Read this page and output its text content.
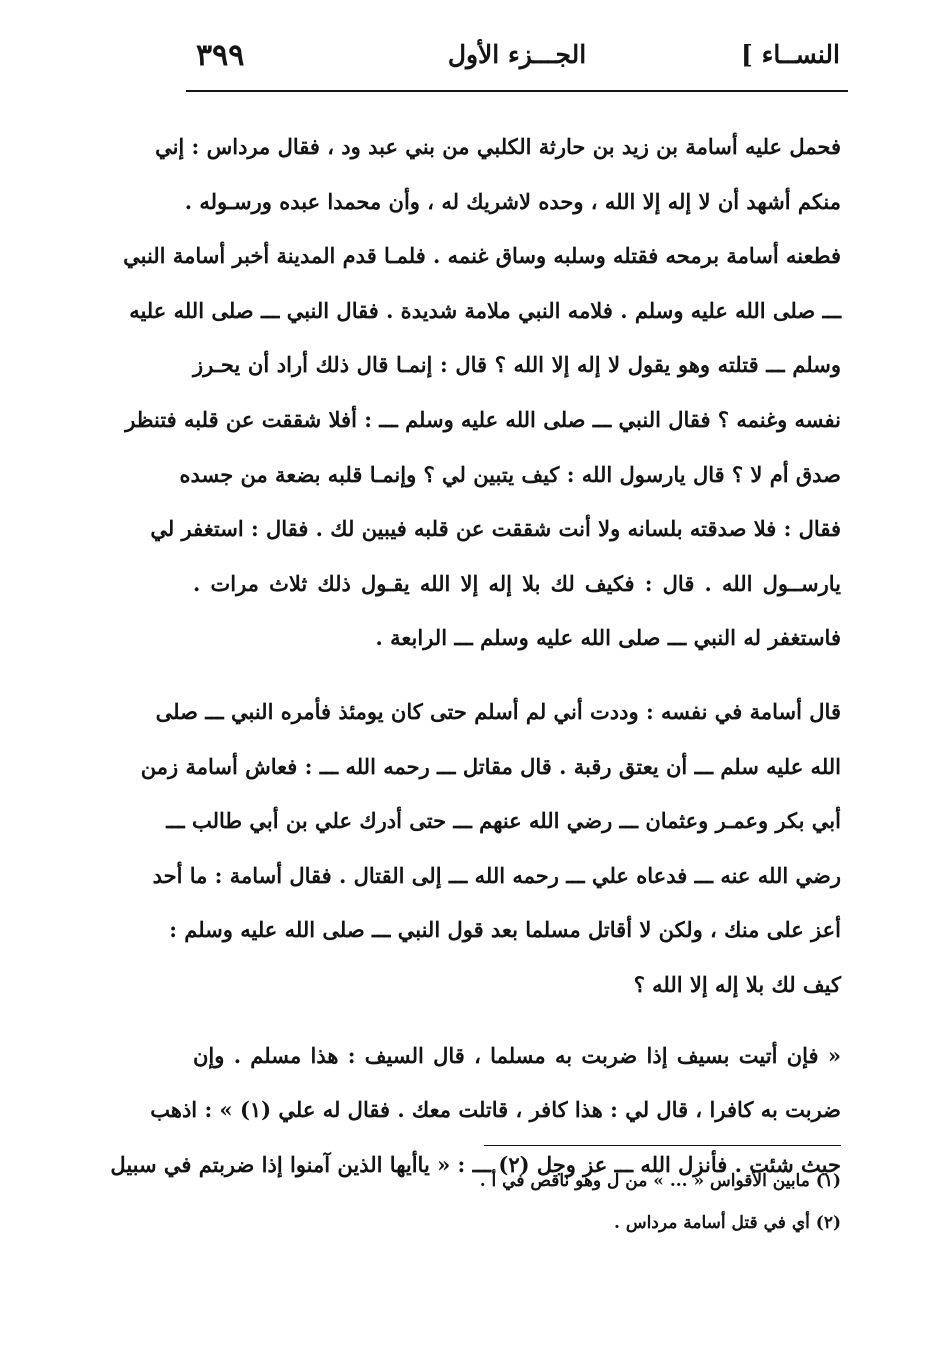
النســاء ]
الجـــزء الأول
٣٩٩
فحمل عليه أسامة بن زيد بن حارثة الكلبي من بني عبد ود ، فقال مرداس : إني
منكم أشهد أن لا إله إلا الله ، وحده لاشريك له ، وأن محمدا عبده ورسـوله .
فطعنه أسامة برمحه فقتله وسلبه وساق غنمه . فلمـا قدم المدينة أخبر أسامة النبي
ـــ صلى الله عليه وسلم . فلامه النبي ملامة شديدة . فقال النبي ـــ صلى الله عليه
وسلم ـــ قتلته وهو يقول لا إله إلا الله ؟ قال : إنمـا قال ذلك أراد أن يحـرز
نفسه وغنمه ؟ فقال النبي ـــ صلى الله عليه وسلم ـــ : أفلا شققت عن قلبه فتنظر
صدق أم لا ؟ قال يارسول الله : كيف يتبين لي ؟ وإنمـا قلبه بضعة من جسده
فقال : فلا صدقته بلسانه ولا أنت شققت عن قلبه فيبين لك . فقال : استغفر لي
يارســول الله . قال : فكيف لك بلا إله إلا الله يقـول ذلك ثلاث مرات .
فاستغفر له النبي ـــ صلى الله عليه وسلم ـــ الرابعة .
قال أسامة في نفسه : وددت أني لم أسلم حتى كان يومئذ فأمره النبي ـــ صلى
الله عليه سلم ـــ أن يعتق رقبة . قال مقاتل ـــ رحمه الله ـــ : فعاش أسامة زمن
أبي بكر وعمـر وعثمان ـــ رضي الله عنهم ـــ حتى أدرك علي بن أبي طالب ـــ
رضي الله عنه ـــ فدعاه علي ـــ رحمه الله ـــ إلى القتال . فقال أسامة : ما أحد
أعز على منك ، ولكن لا أقاتل مسلما بعد قول النبي ـــ صلى الله عليه وسلم :
كيف لك بلا إله إلا الله ؟
« فإن أتيت بسيف إذا ضربت به مسلما ، قال السيف : هذا مسلم . وإن
ضربت به كافرا ، قال لي : هذا كافر ، قاتلت معك . فقال له علي (١) » : اذهب
حيث شئت . فأنزل الله ـــ عز وجل (٢) ـــ : « ياأيها الذين آمنوا إذا ضربتم في سبيل
(١) مابين الأقواس « ... » من ل وهو ناقص في أ .
(٢) أي في قتل أسامة مرداس .
